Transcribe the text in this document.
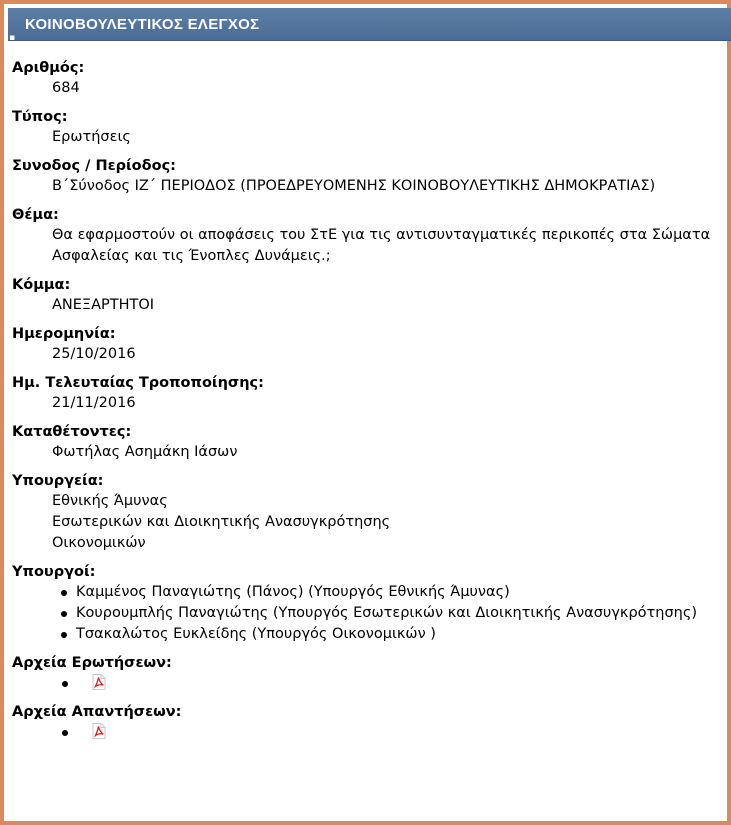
ΚΟΙΝΟΒΟΥΛΕΥΤΙΚΟΣ ΕΛΕΓΧΟΣ
▪
Αριθμός:
684
Τύπος:
Ερωτήσεις
Συνοδος / Περίοδος:
Β΄Σύνοδος ΙΖ΄ ΠΕΡΙΟΔΟΣ (ΠΡΟΕΔΡΕΥΟΜΕΝΗΣ ΚΟΙΝΟΒΟΥΛΕΥΤΙΚΗΣ ΔΗΜΟΚΡΑΤΙΑΣ)
Θέμα:
Θα εφαρμοστούν οι αποφάσεις του ΣτΕ για τις αντισυνταγματικές περικοπές στα Σώματα Ασφαλείας και τις Ένοπλες Δυνάμεις.;
Κόμμα:
ΑΝΕΞΑΡΤΗΤΟΙ
Ημερομηνία:
25/10/2016
Ημ. Τελευταίας Τροποποίησης:
21/11/2016
Καταθέτοντες:
Φωτήλας Ασημάκη Ιάσων
Υπουργεία:
Εθνικής Άμυνας
Εσωτερικών και Διοικητικής Ανασυγκρότησης
Οικονομικών
Υπουργοί:
Καμμένος Παναγιώτης (Πάνος) (Υπουργός Εθνικής Άμυνας)
Κουρουμπλής Παναγιώτης (Υπουργός Εσωτερικών και Διοικητικής Ανασυγκρότησης)
Τσακαλώτος Ευκλείδης (Υπουργός Οικονομικών )
Αρχεία Ερωτήσεων:
Αρχεία Απαντήσεων:
